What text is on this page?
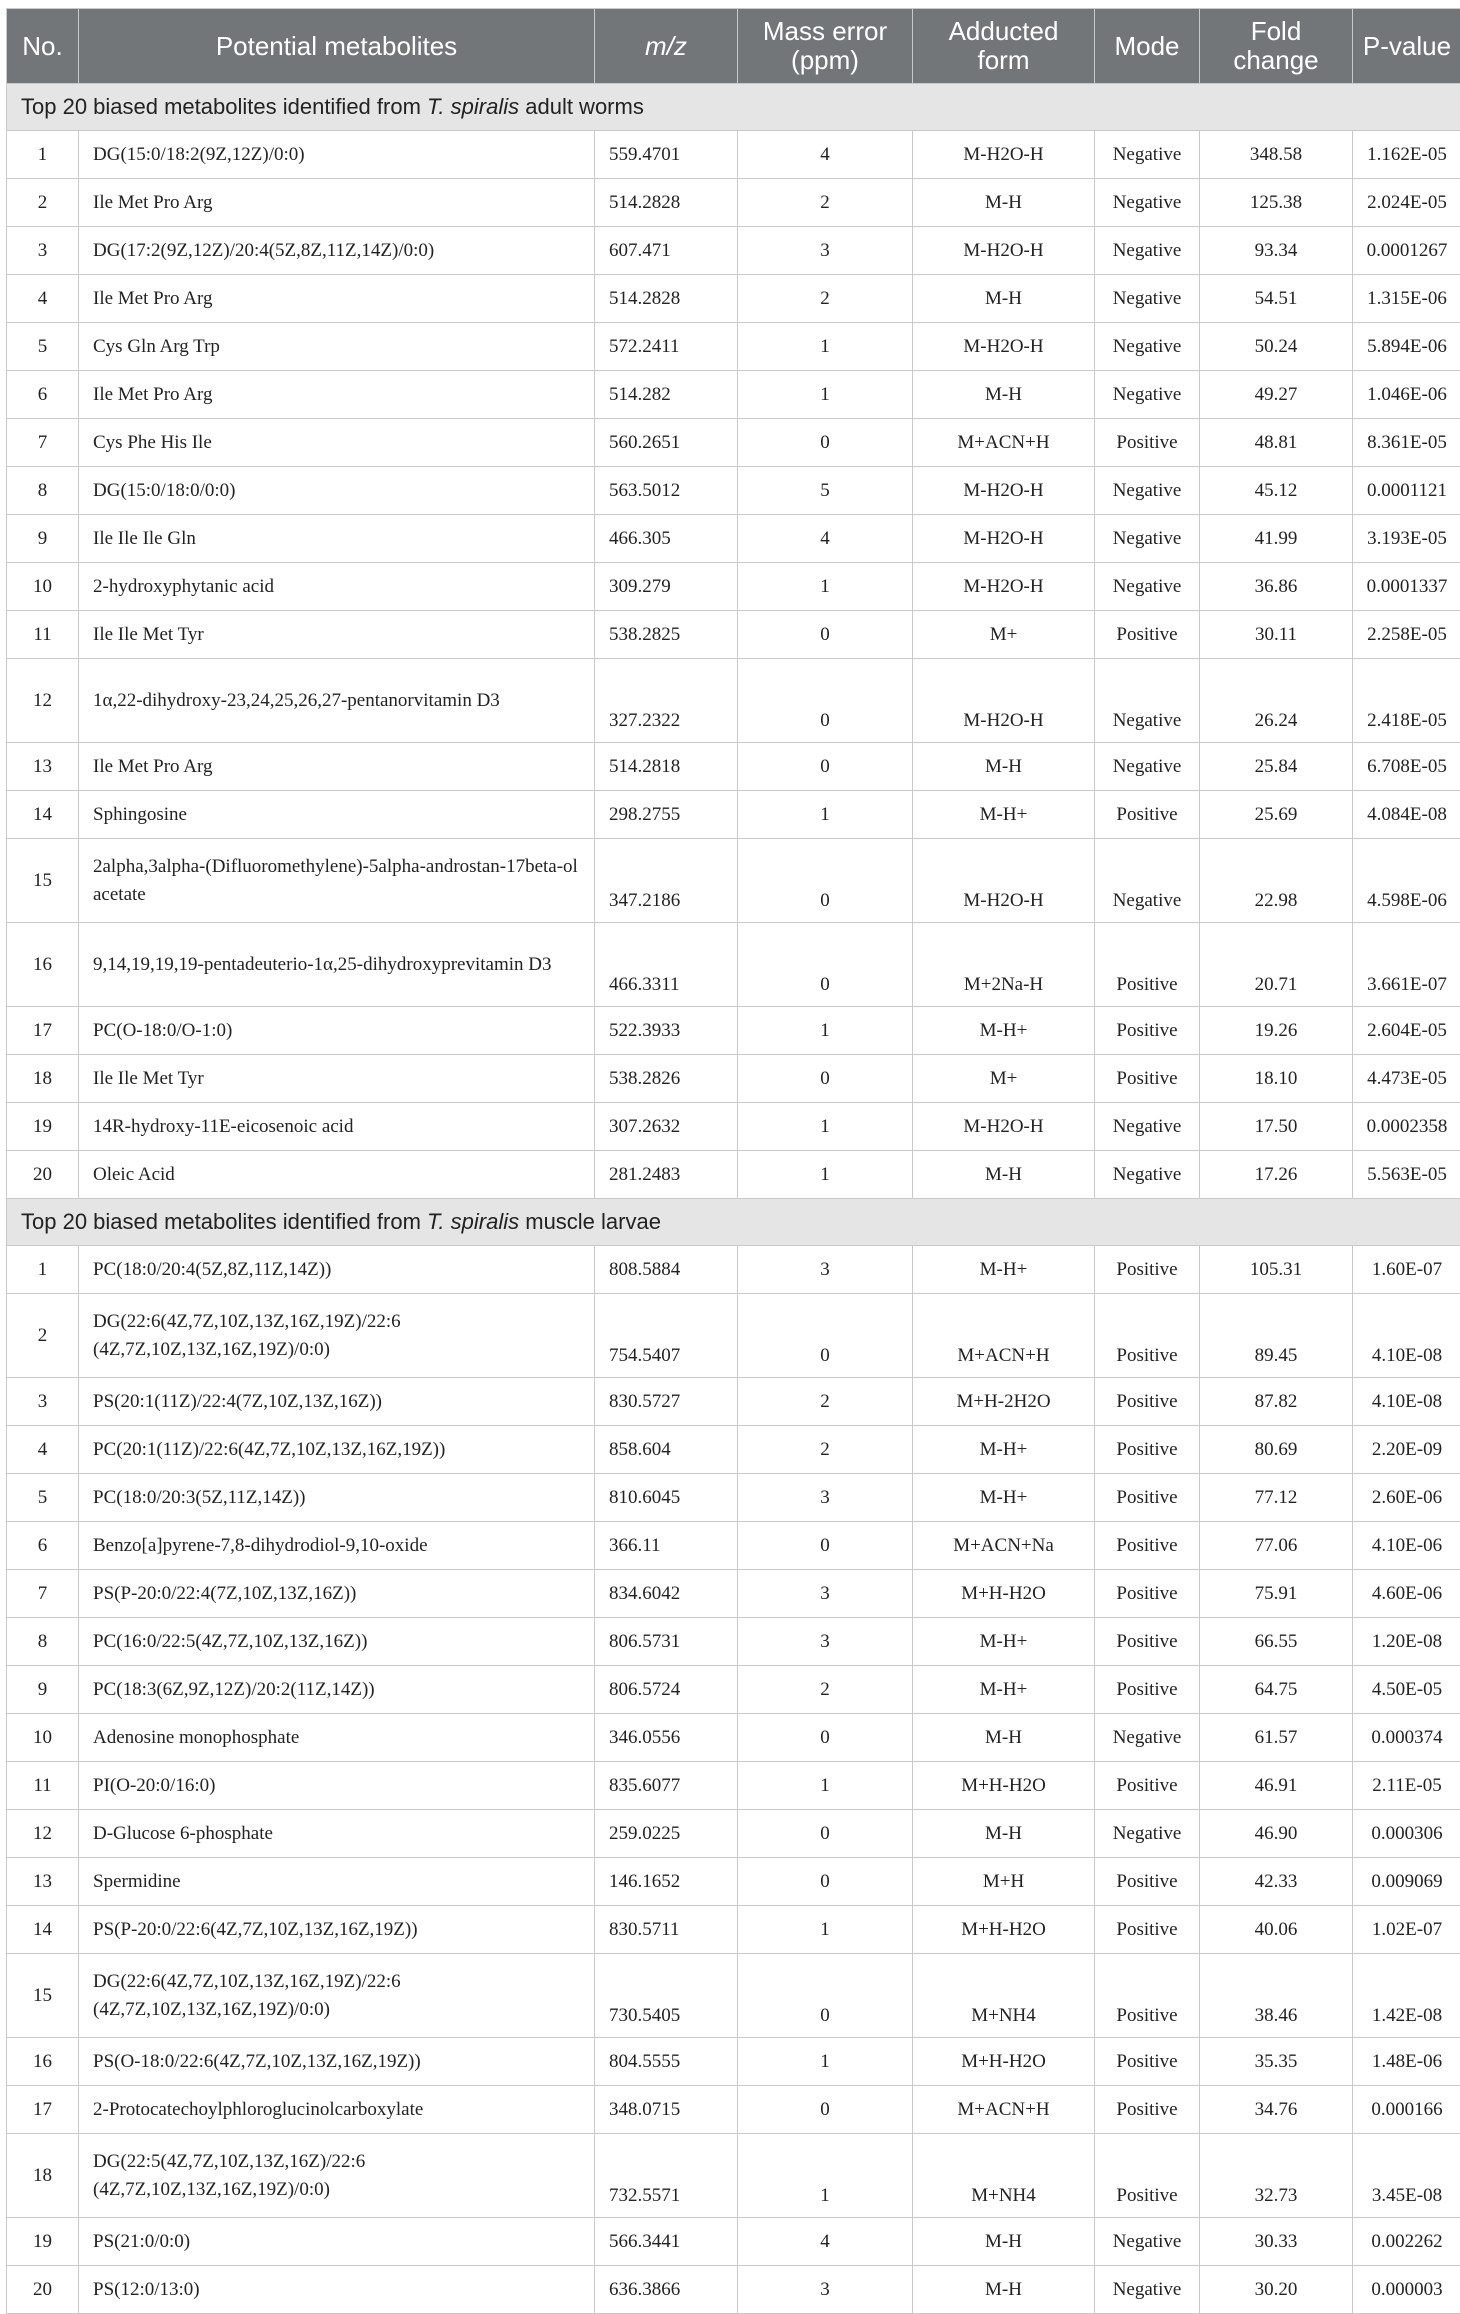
No.	Potential metabolites	m/z	Mass error (ppm)	Adducted form	Mode	Fold change	P-value
Top 20 biased metabolites identified from T. spiralis adult worms							
1	DG(15:0/18:2(9Z,12Z)/0:0)	559.4701	4	M-H2O-H	Negative	348.58	1.162E-05
2	Ile Met Pro Arg	514.2828	2	M-H	Negative	125.38	2.024E-05
3	DG(17:2(9Z,12Z)/20:4(5Z,8Z,11Z,14Z)/0:0)	607.471	3	M-H2O-H	Negative	93.34	0.0001267
4	Ile Met Pro Arg	514.2828	2	M-H	Negative	54.51	1.315E-06
5	Cys Gln Arg Trp	572.2411	1	M-H2O-H	Negative	50.24	5.894E-06
6	Ile Met Pro Arg	514.282	1	M-H	Negative	49.27	1.046E-06
7	Cys Phe His Ile	560.2651	0	M+ACN+H	Positive	48.81	8.361E-05
8	DG(15:0/18:0/0:0)	563.5012	5	M-H2O-H	Negative	45.12	0.0001121
9	Ile Ile Ile Gln	466.305	4	M-H2O-H	Negative	41.99	3.193E-05
10	2-hydroxyphytanic acid	309.279	1	M-H2O-H	Negative	36.86	0.0001337
11	Ile Ile Met Tyr	538.2825	0	M+	Positive	30.11	2.258E-05
12	1α,22-dihydroxy-23,24,25,26,27-pentanorvitamin D3	327.2322	0	M-H2O-H	Negative	26.24	2.418E-05
13	Ile Met Pro Arg	514.2818	0	M-H	Negative	25.84	6.708E-05
14	Sphingosine	298.2755	1	M-H+	Positive	25.69	4.084E-08
15	2alpha,3alpha-(Difluoromethylene)-5alpha-androstan-17beta-ol acetate	347.2186	0	M-H2O-H	Negative	22.98	4.598E-06
16	9,14,19,19,19-pentadeuterio-1α,25-dihydroxyprevitamin D3	466.3311	0	M+2Na-H	Positive	20.71	3.661E-07
17	PC(O-18:0/O-1:0)	522.3933	1	M-H+	Positive	19.26	2.604E-05
18	Ile Ile Met Tyr	538.2826	0	M+	Positive	18.10	4.473E-05
19	14R-hydroxy-11E-eicosenoic acid	307.2632	1	M-H2O-H	Negative	17.50	0.0002358
20	Oleic Acid	281.2483	1	M-H	Negative	17.26	5.563E-05
Top 20 biased metabolites identified from T. spiralis muscle larvae							
1	PC(18:0/20:4(5Z,8Z,11Z,14Z))	808.5884	3	M-H+	Positive	105.31	1.60E-07
2	DG(22:6(4Z,7Z,10Z,13Z,16Z,19Z)/22:6 (4Z,7Z,10Z,13Z,16Z,19Z)/0:0)	754.5407	0	M+ACN+H	Positive	89.45	4.10E-08
3	PS(20:1(11Z)/22:4(7Z,10Z,13Z,16Z))	830.5727	2	M+H-2H2O	Positive	87.82	4.10E-08
4	PC(20:1(11Z)/22:6(4Z,7Z,10Z,13Z,16Z,19Z))	858.604	2	M-H+	Positive	80.69	2.20E-09
5	PC(18:0/20:3(5Z,11Z,14Z))	810.6045	3	M-H+	Positive	77.12	2.60E-06
6	Benzo[a]pyrene-7,8-dihydrodiol-9,10-oxide	366.11	0	M+ACN+Na	Positive	77.06	4.10E-06
7	PS(P-20:0/22:4(7Z,10Z,13Z,16Z))	834.6042	3	M+H-H2O	Positive	75.91	4.60E-06
8	PC(16:0/22:5(4Z,7Z,10Z,13Z,16Z))	806.5731	3	M-H+	Positive	66.55	1.20E-08
9	PC(18:3(6Z,9Z,12Z)/20:2(11Z,14Z))	806.5724	2	M-H+	Positive	64.75	4.50E-05
10	Adenosine monophosphate	346.0556	0	M-H	Negative	61.57	0.000374
11	PI(O-20:0/16:0)	835.6077	1	M+H-H2O	Positive	46.91	2.11E-05
12	D-Glucose 6-phosphate	259.0225	0	M-H	Negative	46.90	0.000306
13	Spermidine	146.1652	0	M+H	Positive	42.33	0.009069
14	PS(P-20:0/22:6(4Z,7Z,10Z,13Z,16Z,19Z))	830.5711	1	M+H-H2O	Positive	40.06	1.02E-07
15	DG(22:6(4Z,7Z,10Z,13Z,16Z,19Z)/22:6 (4Z,7Z,10Z,13Z,16Z,19Z)/0:0)	730.5405	0	M+NH4	Positive	38.46	1.42E-08
16	PS(O-18:0/22:6(4Z,7Z,10Z,13Z,16Z,19Z))	804.5555	1	M+H-H2O	Positive	35.35	1.48E-06
17	2-Protocatechoylphloroglucinolcarboxylate	348.0715	0	M+ACN+H	Positive	34.76	0.000166
18	DG(22:5(4Z,7Z,10Z,13Z,16Z)/22:6 (4Z,7Z,10Z,13Z,16Z,19Z)/0:0)	732.5571	1	M+NH4	Positive	32.73	3.45E-08
19	PS(21:0/0:0)	566.3441	4	M-H	Negative	30.33	0.002262
20	PS(12:0/13:0)	636.3866	3	M-H	Negative	30.20	0.000003
